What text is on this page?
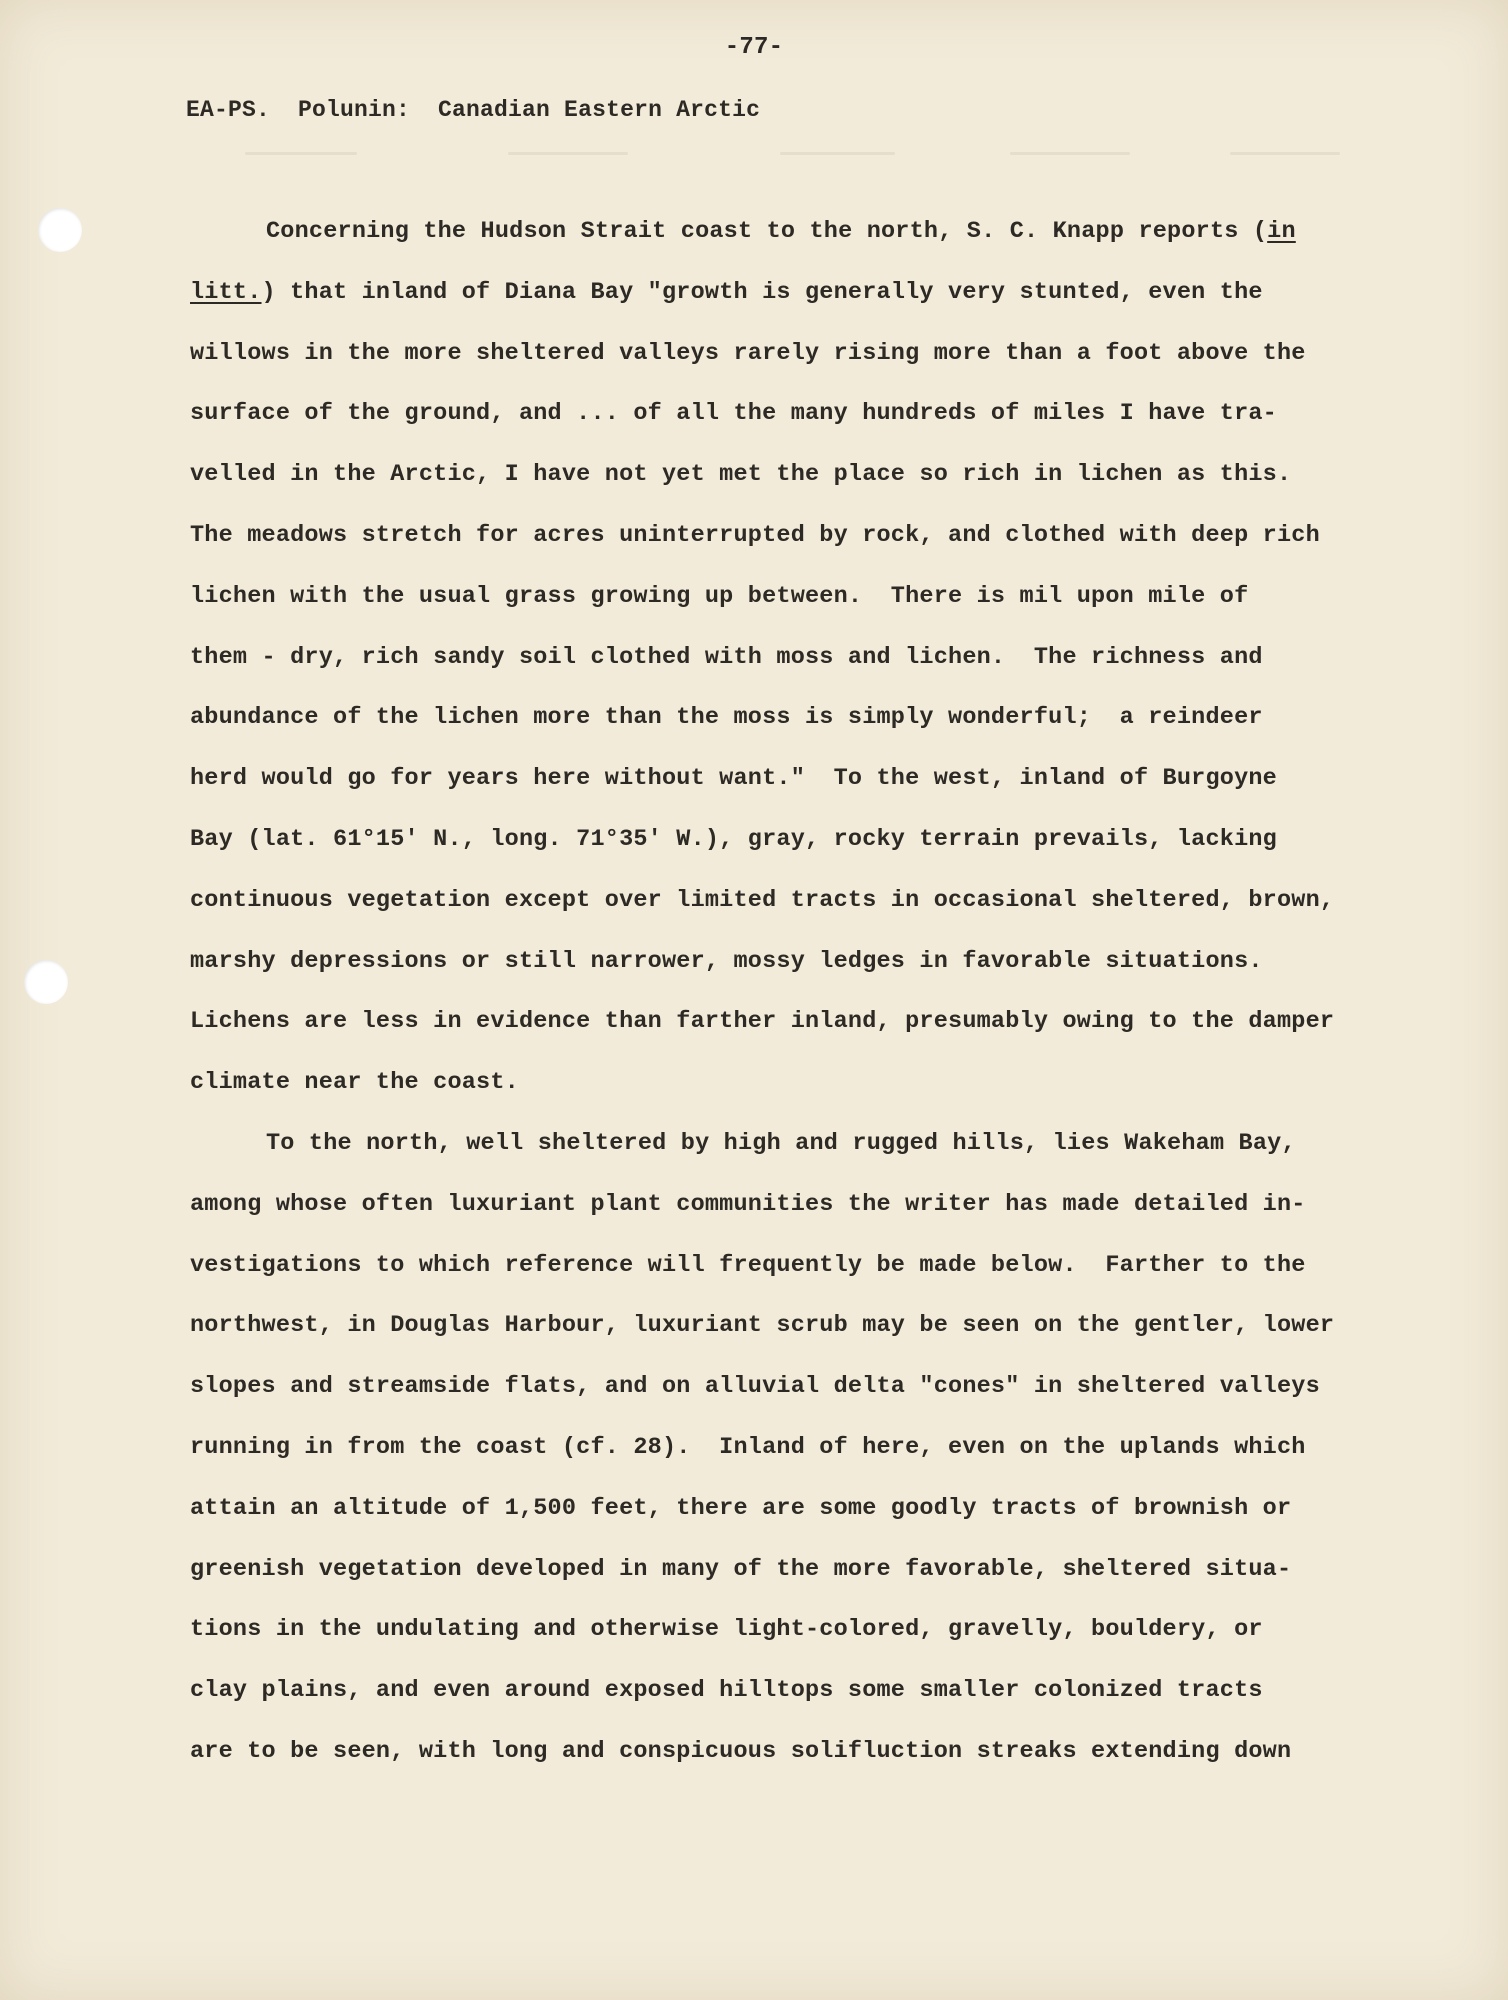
-77-
EA-PS.  Polunin:  Canadian Eastern Arctic
Concerning the Hudson Strait coast to the north, S. C. Knapp reports (in
litt.) that inland of Diana Bay "growth is generally very stunted, even the
willows in the more sheltered valleys rarely rising more than a foot above the
surface of the ground, and ... of all the many hundreds of miles I have tra-
velled in the Arctic, I have not yet met the place so rich in lichen as this.
The meadows stretch for acres uninterrupted by rock, and clothed with deep rich
lichen with the usual grass growing up between.  There is mil upon mile of
them - dry, rich sandy soil clothed with moss and lichen.  The richness and
abundance of the lichen more than the moss is simply wonderful;  a reindeer
herd would go for years here without want."  To the west, inland of Burgoyne
Bay (lat. 61°15' N., long. 71°35' W.), gray, rocky terrain prevails, lacking
continuous vegetation except over limited tracts in occasional sheltered, brown,
marshy depressions or still narrower, mossy ledges in favorable situations.
Lichens are less in evidence than farther inland, presumably owing to the damper
climate near the coast.
To the north, well sheltered by high and rugged hills, lies Wakeham Bay,
among whose often luxuriant plant communities the writer has made detailed in-
vestigations to which reference will frequently be made below.  Farther to the
northwest, in Douglas Harbour, luxuriant scrub may be seen on the gentler, lower
slopes and streamside flats, and on alluvial delta "cones" in sheltered valleys
running in from the coast (cf. 28).  Inland of here, even on the uplands which
attain an altitude of 1,500 feet, there are some goodly tracts of brownish or
greenish vegetation developed in many of the more favorable, sheltered situa-
tions in the undulating and otherwise light-colored, gravelly, bouldery, or
clay plains, and even around exposed hilltops some smaller colonized tracts
are to be seen, with long and conspicuous solifluction streaks extending down
